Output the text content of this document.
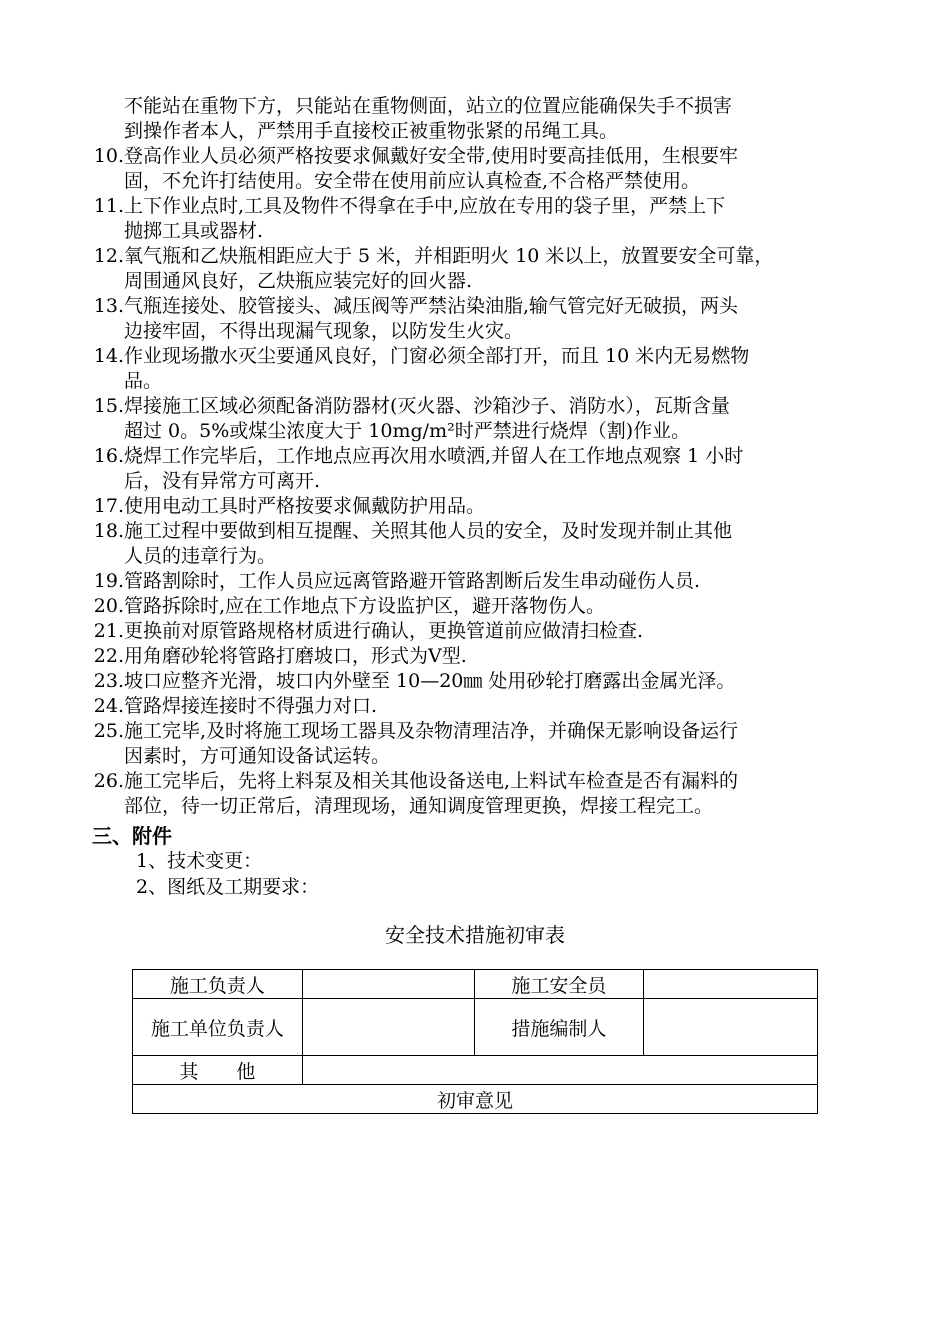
不能站在重物下方，只能站在重物侧面，站立的位置应能确保失手不损害
到操作者本人，严禁用手直接校正被重物张紧的吊绳工具。
10. 登高作业人员必须严格按要求佩戴好安全带,使用时要高挂低用，生根要牢
固，不允许打结使用。安全带在使用前应认真检查,不合格严禁使用。
11. 上下作业点时,工具及物件不得拿在手中,应放在专用的袋子里，严禁上下
抛掷工具或器材.
12. 氧气瓶和乙炔瓶相距应大于 5 米，并相距明火 10 米以上，放置要安全可靠，
周围通风良好，乙炔瓶应装完好的回火器.
13. 气瓶连接处、胶管接头、减压阀等严禁沾染油脂,输气管完好无破损，两头
边接牢固，不得出现漏气现象，以防发生火灾。
14. 作业现场撒水灭尘要通风良好，门窗必须全部打开，而且 10 米内无易燃物
品。
15. 焊接施工区域必须配备消防器材(灭火器、沙箱沙子、消防水），瓦斯含量
超过 0。5%或煤尘浓度大于 10mg/m²时严禁进行烧焊（割)作业。
16. 烧焊工作完毕后，工作地点应再次用水喷洒,并留人在工作地点观察 1 小时
后，没有异常方可离开.
17. 使用电动工具时严格按要求佩戴防护用品。
18. 施工过程中要做到相互提醒、关照其他人员的安全，及时发现并制止其他
人员的违章行为。
19. 管路割除时，工作人员应远离管路避开管路割断后发生串动碰伤人员.
20. 管路拆除时,应在工作地点下方设监护区，避开落物伤人。
21. 更换前对原管路规格材质进行确认，更换管道前应做清扫检查.
22. 用角磨砂轮将管路打磨坡口，形式为Ⅴ型.
23. 坡口应整齐光滑，坡口内外壁至 10—20㎜ 处用砂轮打磨露出金属光泽。
24. 管路焊接连接时不得强力对口.
25. 施工完毕,及时将施工现场工器具及杂物清理洁净，并确保无影响设备运行
因素时，方可通知设备试运转。
26. 施工完毕后，先将上料泵及相关其他设备送电,上料试车检查是否有漏料的
部位，待一切正常后，清理现场，通知调度管理更换，焊接工程完工。
三、附件
1、技术变更：
2、图纸及工期要求：
安全技术措施初审表
施工负责人		施工安全员	
施工单位负责人		措施编制人	
其　　他			
初审意见			
